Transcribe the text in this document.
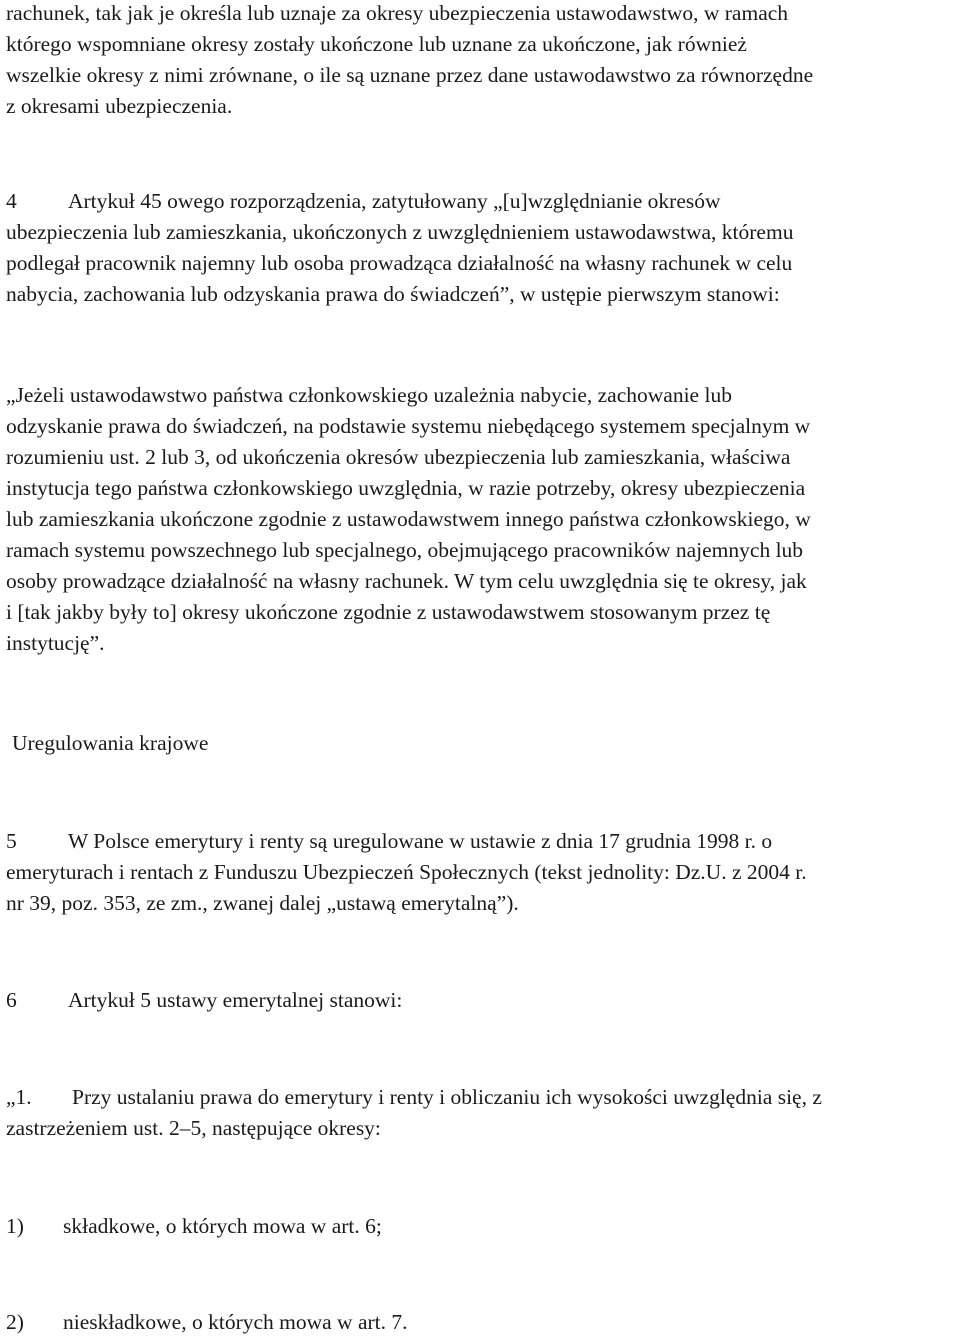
rachunek, tak jak je określa lub uznaje za okresy ubezpieczenia ustawodawstwo, w ramach
którego wspomniane okresy zostały ukończone lub uznane za ukończone, jak również
wszelkie okresy z nimi zrównane, o ile są uznane przez dane ustawodawstwo za równorzędne
z okresami ubezpieczenia.
4 Artykuł 45 owego rozporządzenia, zatytułowany „[u]względnianie okresów
ubezpieczenia lub zamieszkania, ukończonych z uwzględnieniem ustawodawstwa, któremu
podlegał pracownik najemny lub osoba prowadząca działalność na własny rachunek w celu
nabycia, zachowania lub odzyskania prawa do świadczeń”, w ustępie pierwszym stanowi:
„Jeżeli ustawodawstwo państwa członkowskiego uzależnia nabycie, zachowanie lub
odzyskanie prawa do świadczeń, na podstawie systemu niebędącego systemem specjalnym w
rozumieniu ust. 2 lub 3, od ukończenia okresów ubezpieczenia lub zamieszkania, właściwa
instytucja tego państwa członkowskiego uwzględnia, w razie potrzeby, okresy ubezpieczenia
lub zamieszkania ukończone zgodnie z ustawodawstwem innego państwa członkowskiego, w
ramach systemu powszechnego lub specjalnego, obejmującego pracowników najemnych lub
osoby prowadzące działalność na własny rachunek. W tym celu uwzględnia się te okresy, jak
i [tak jakby były to] okresy ukończone zgodnie z ustawodawstwem stosowanym przez tę
instytucję”.
Uregulowania krajowe
5 W Polsce emerytury i renty są uregulowane w ustawie z dnia 17 grudnia 1998 r. o
emeryturach i rentach z Funduszu Ubezpieczeń Społecznych (tekst jednolity: Dz.U. z 2004 r.
nr 39, poz. 353, ze zm., zwanej dalej „ustawą emerytalną”).
6 Artykuł 5 ustawy emerytalnej stanowi:
„1. Przy ustalaniu prawa do emerytury i renty i obliczaniu ich wysokości uwzględnia się, z
zastrzeżeniem ust. 2–5, następujące okresy:
1) składkowe, o których mowa w art. 6;
2) nieskładkowe, o których mowa w art. 7.
